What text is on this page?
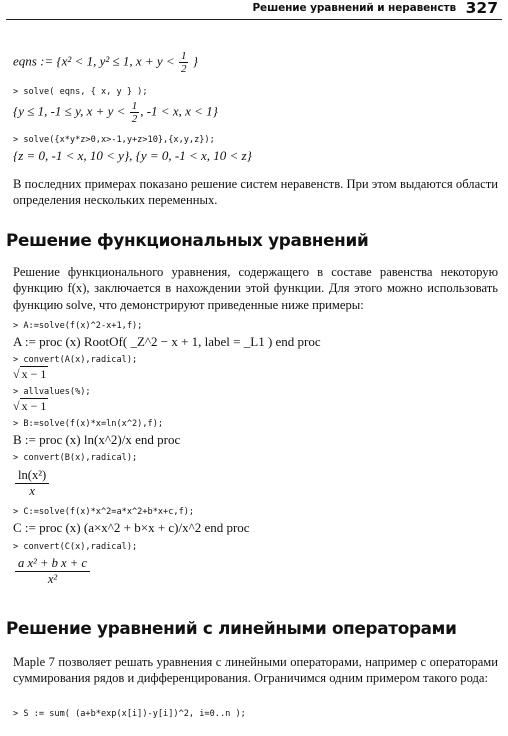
Решение уравнений и неравенств 327
eqns := {x² < 1, y² ≤ 1, $x + y < \frac{1}{2}$ }
> solve( eqns, { x, y } );
{y ≤ 1, -1 ≤ y, $x + y < \frac{1}{2}$ , -1 < x, x < 1}
> solve({x*y*z>0,x>-1,y+z>10},{x,y,z});
{z = 0, -1 < x, 10 < y}, {y = 0, -1 < x, 10 < z}
В последних примерах показано решение систем неравенств. При этом выдаются области определения нескольких переменных.
Решение функциональных уравнений
Решение функционального уравнения, содержащего в составе равенства некоторую функцию f(x), заключается в нахождении этой функции. Для этого можно использовать функцию solve, что демонстрируют приведенные ниже примеры:
> A:=solve(f(x)^2-x+1,f);
A := proc (x) RootOf( _Z^2 − x + 1, label = _L1 ) end proc
> convert(A(x),radical);
√ x − 1
> allvalues(%);
√ x − 1
> B:=solve(f(x)*x=ln(x^2),f);
B := proc (x) ln(x^2)/x end proc
> convert(B(x),radical);
$\frac{\text{ln(x²)}}{x}$
> C:=solve(f(x)*x^2=a*x^2+b*x+c,f);
C := proc (x) (a×x^2 + b×x + c)/x^2 end proc
> convert(C(x),radical);
$\frac{\text{a x² + b x + c}}{\text{x²}}$
Решение уравнений с линейными операторами
Maple 7 позволяет решать уравнения с линейными операторами, например с операторами суммирования рядов и дифференцирования. Ограничимся одним примером такого рода:
> S := sum( (a+b*exp(x[i])-y[i])^2, i=0..n );
